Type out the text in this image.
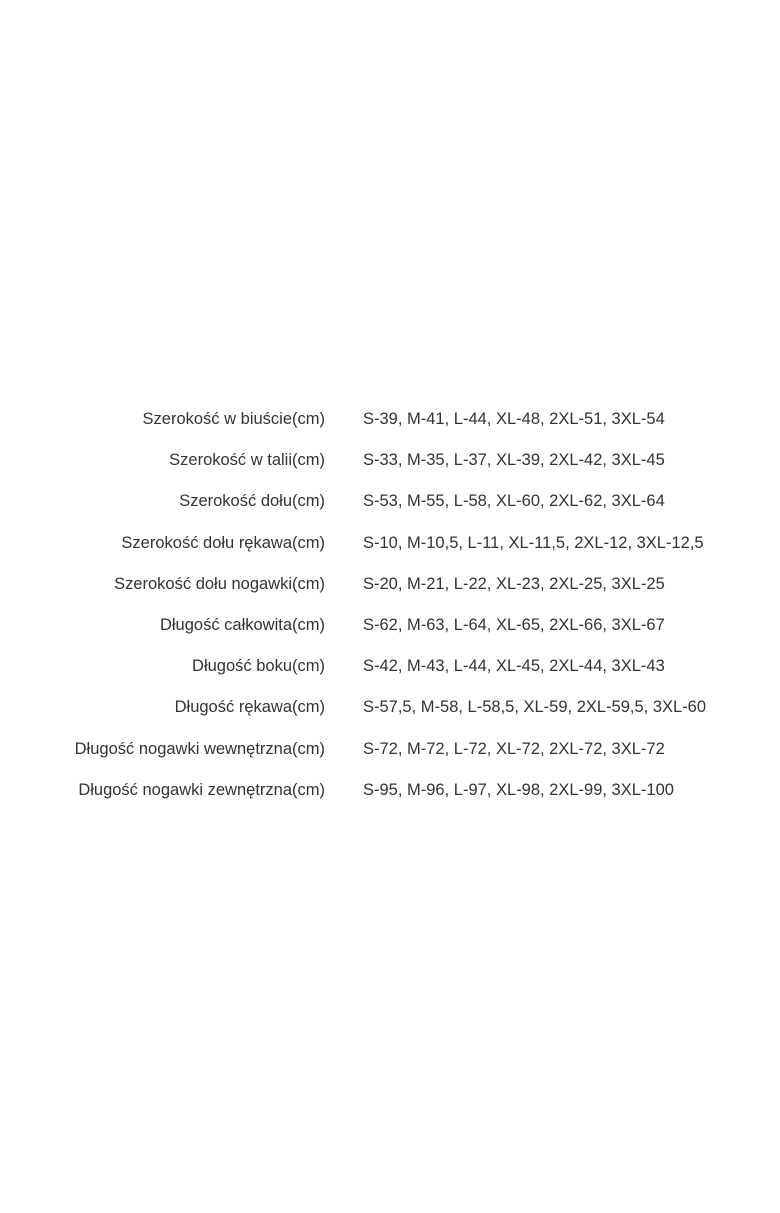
Szerokość w biuście(cm) S-39, M-41, L-44, XL-48, 2XL-51, 3XL-54
Szerokość w talii(cm) S-33, M-35, L-37, XL-39, 2XL-42, 3XL-45
Szerokość dołu(cm) S-53, M-55, L-58, XL-60, 2XL-62, 3XL-64
Szerokość dołu rękawa(cm) S-10, M-10,5, L-11, XL-11,5, 2XL-12, 3XL-12,5
Szerokość dołu nogawki(cm) S-20, M-21, L-22, XL-23, 2XL-25, 3XL-25
Długość całkowita(cm) S-62, M-63, L-64, XL-65, 2XL-66, 3XL-67
Długość boku(cm) S-42, M-43, L-44, XL-45, 2XL-44, 3XL-43
Długość rękawa(cm) S-57,5, M-58, L-58,5, XL-59, 2XL-59,5, 3XL-60
Długość nogawki wewnętrzna(cm) S-72, M-72, L-72, XL-72, 2XL-72, 3XL-72
Długość nogawki zewnętrzna(cm) S-95, M-96, L-97, XL-98, 2XL-99, 3XL-100
